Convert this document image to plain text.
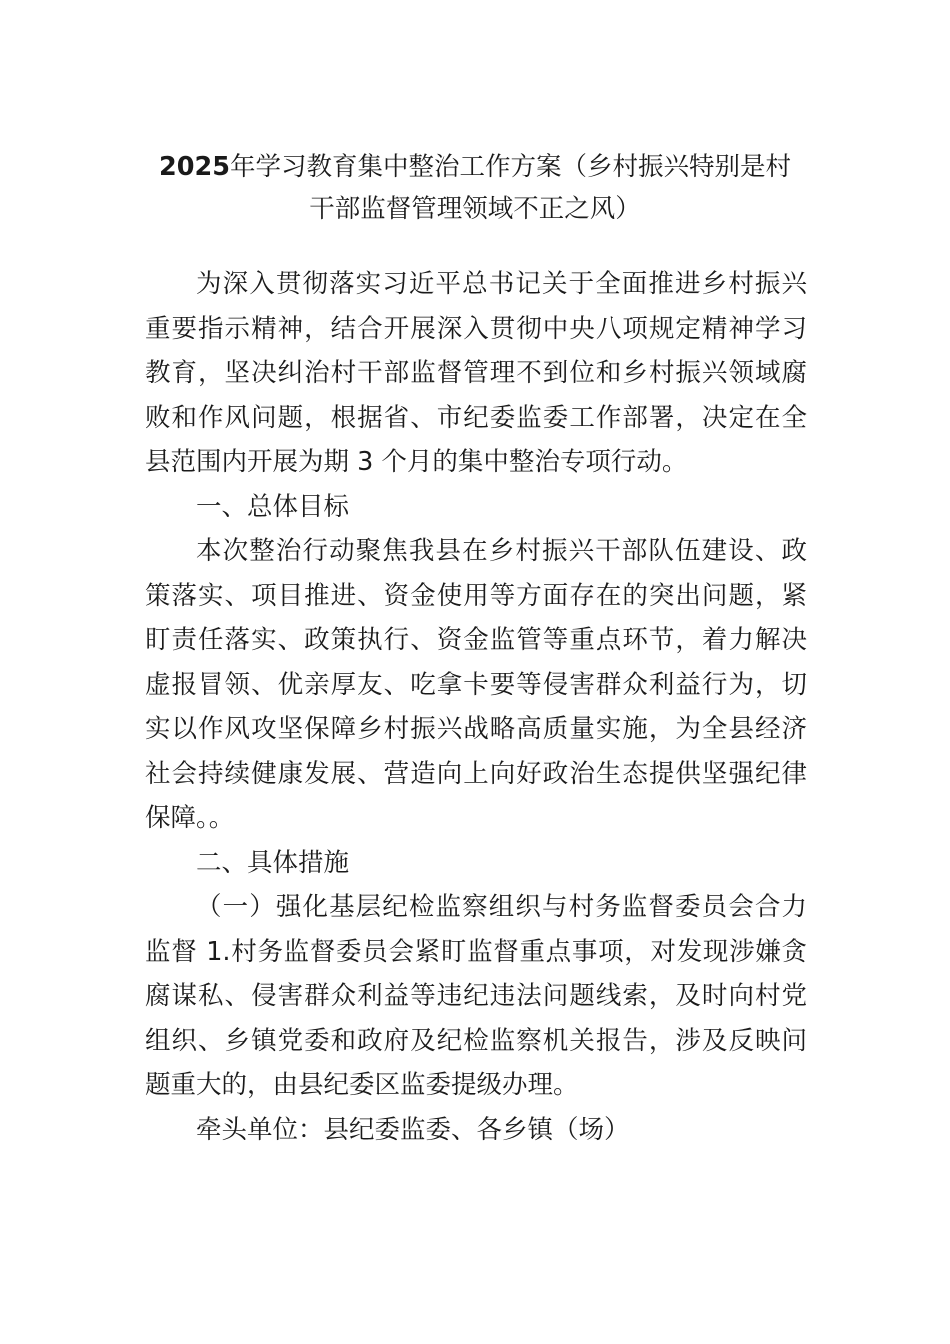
2025年学习教育集中整治工作方案（乡村振兴特别是村
干部监督管理领域不正之风）

为深入贯彻落实习近平总书记关于全面推进乡村振兴重要指示精神，结合开展深入贯彻中央八项规定精神学习教育，坚决纠治村干部监督管理不到位和乡村振兴领域腐败和作风问题，根据省、市纪委监委工作部署，决定在全县范围内开展为期 3 个月的集中整治专项行动。

一、总体目标

本次整治行动聚焦我县在乡村振兴干部队伍建设、政策落实、项目推进、资金使用等方面存在的突出问题，紧盯责任落实、政策执行、资金监管等重点环节，着力解决虚报冒领、优亲厚友、吃拿卡要等侵害群众利益行为，切实以作风攻坚保障乡村振兴战略高质量实施，为全县经济社会持续健康发展、营造向上向好政治生态提供坚强纪律保障。。

二、具体措施

（一）强化基层纪检监察组织与村务监督委员会合力监督 1.村务监督委员会紧盯监督重点事项，对发现涉嫌贪腐谋私、侵害群众利益等违纪违法问题线索，及时向村党组织、乡镇党委和政府及纪检监察机关报告，涉及反映问题重大的，由县纪委区监委提级办理。

牵头单位：县纪委监委、各乡镇（场）
